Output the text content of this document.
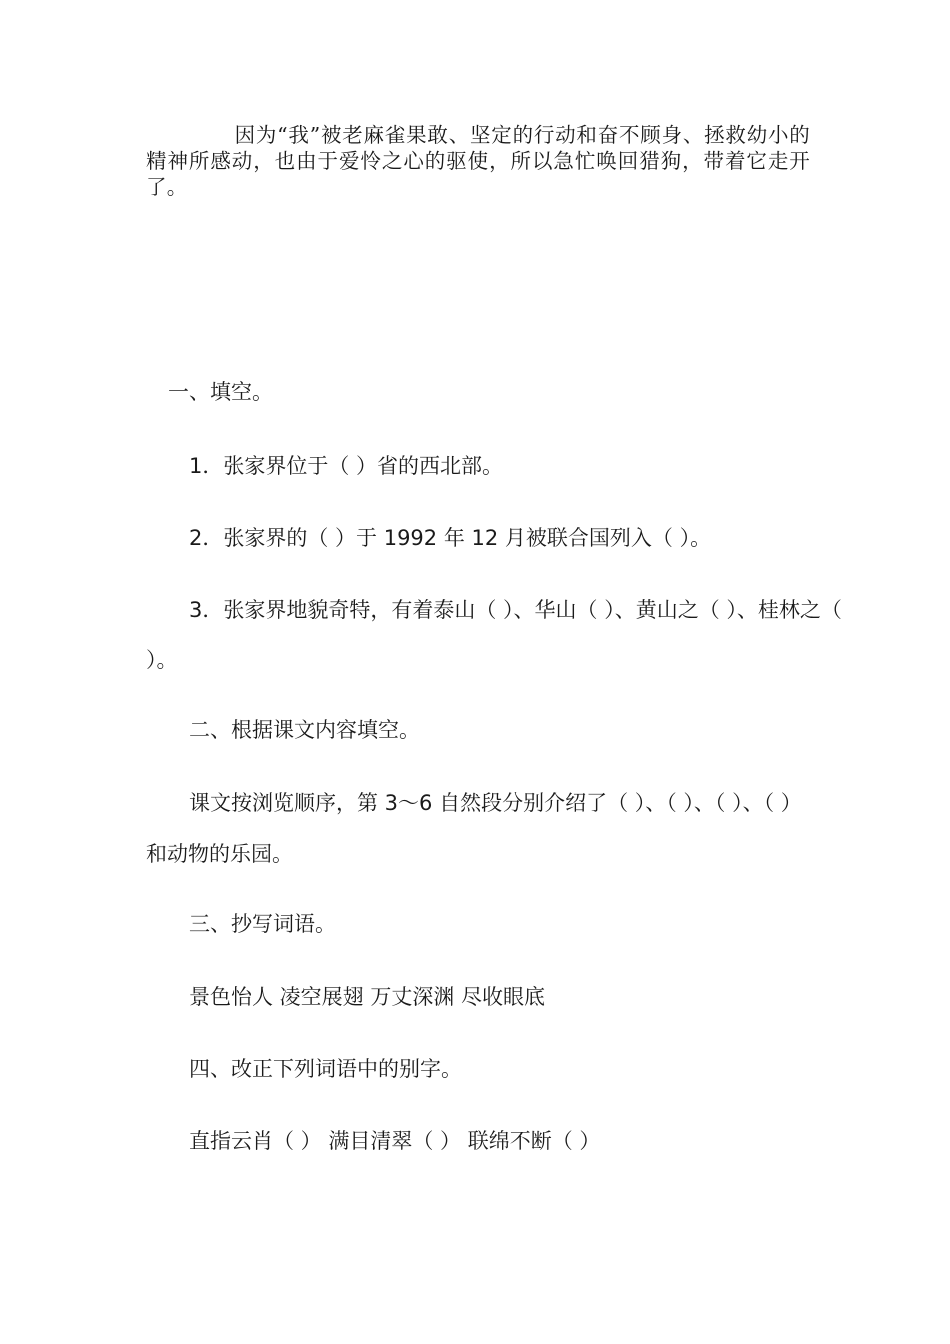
因为“我”被老麻雀果敢、坚定的行动和奋不顾身、拯救幼小的精神所感动，也由于爱怜之心的驱使，所以急忙唤回猎狗，带着它走开了。

一、填空。
1．张家界位于（ ）省的西北部。
2．张家界的（ ）于 1992 年 12 月被联合国列入（ ）。
3．张家界地貌奇特，有着泰山（ ）、华山（ ）、黄山之（ ）、桂林之（
）。
二、根据课文内容填空。
课文按浏览顺序，第 3～6 自然段分别介绍了（ ）、（ ）、（ ）、（ ）
和动物的乐园。
三、抄写词语。
景色怡人 凌空展翅 万丈深渊 尽收眼底
四、改正下列词语中的别字。
直指云肖（ ） 满目清翠（ ） 联绵不断（ ）
